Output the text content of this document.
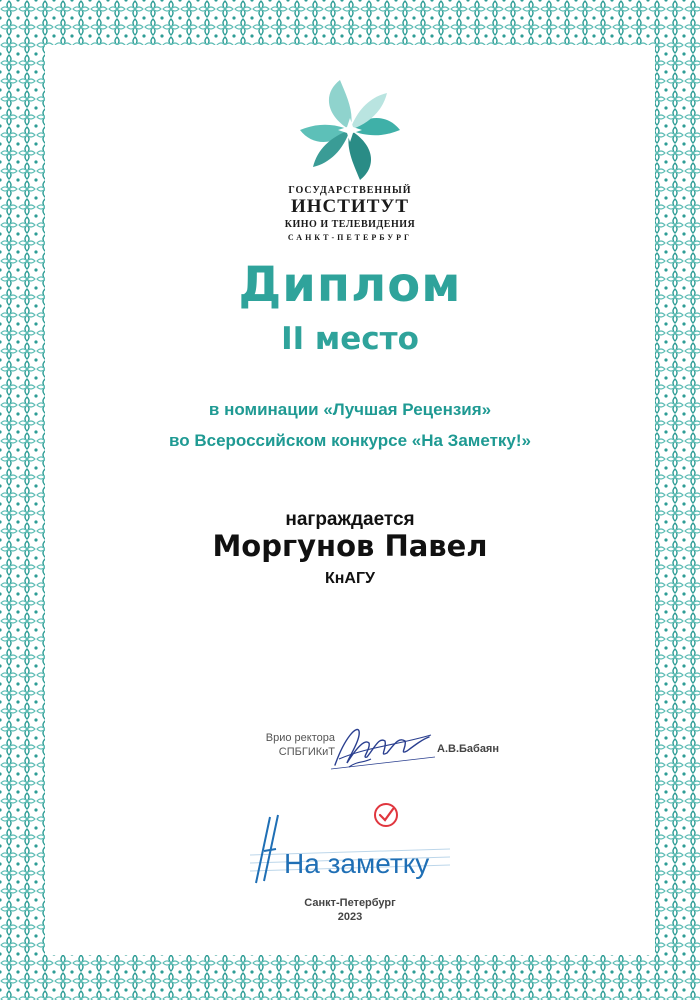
ГОСУДАРСТВЕННЫЙ
ИНСТИТУТ
КИНО И ТЕЛЕВИДЕНИЯ
САНКТ-ПЕТЕРБУРГ
Диплом
II место
в номинации «Лучшая Рецензия»
во Всероссийском конкурсе «На Заметку!»
награждается
Моргунов Павел
КнАГУ
Врио ректора
СПБГИКиТ	А.В.Бабаян
На заметку
Санкт-Петербург
2023
